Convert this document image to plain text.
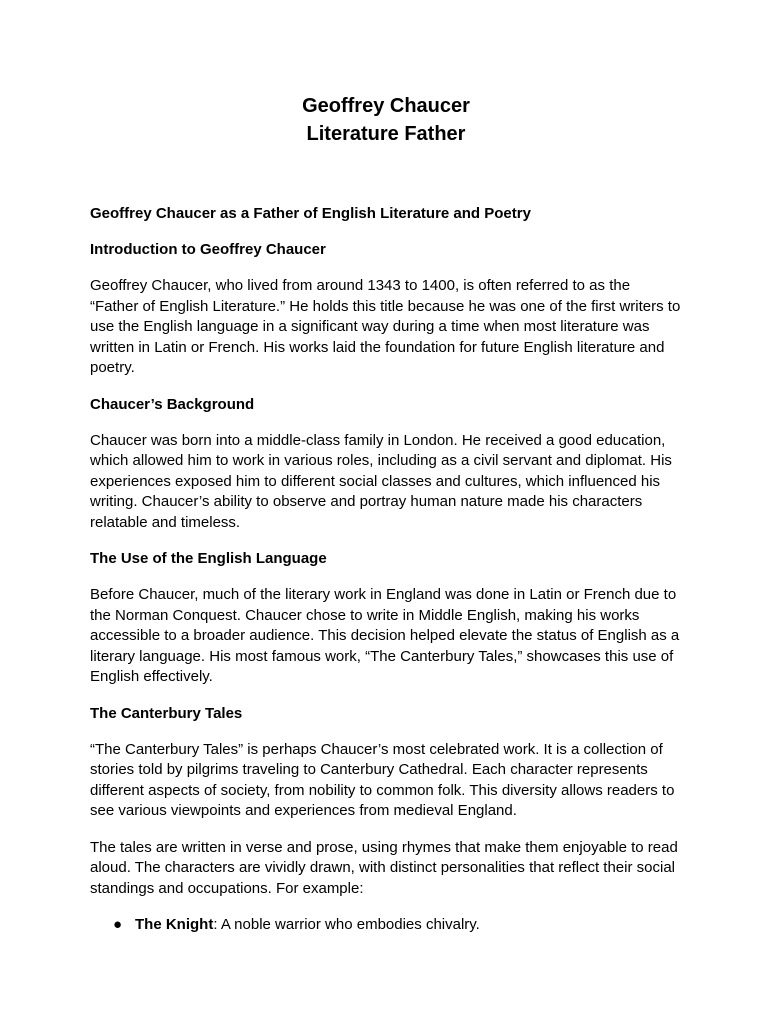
Geoffrey Chaucer
Literature Father
Geoffrey Chaucer as a Father of English Literature and Poetry
Introduction to Geoffrey Chaucer

Geoffrey Chaucer, who lived from around 1343 to 1400, is often referred to as the “Father of English Literature.” He holds this title because he was one of the first writers to use the English language in a significant way during a time when most literature was written in Latin or French. His works laid the foundation for future English literature and poetry.

Chaucer’s Background

Chaucer was born into a middle-class family in London. He received a good education, which allowed him to work in various roles, including as a civil servant and diplomat. His experiences exposed him to different social classes and cultures, which influenced his writing. Chaucer’s ability to observe and portray human nature made his characters relatable and timeless.

The Use of the English Language

Before Chaucer, much of the literary work in England was done in Latin or French due to the Norman Conquest. Chaucer chose to write in Middle English, making his works accessible to a broader audience. This decision helped elevate the status of English as a literary language. His most famous work, “The Canterbury Tales,” showcases this use of English effectively.

The Canterbury Tales

“The Canterbury Tales” is perhaps Chaucer’s most celebrated work. It is a collection of stories told by pilgrims traveling to Canterbury Cathedral. Each character represents different aspects of society, from nobility to common folk. This diversity allows readers to see various viewpoints and experiences from medieval England.

The tales are written in verse and prose, using rhymes that make them enjoyable to read aloud. The characters are vividly drawn, with distinct personalities that reflect their social standings and occupations. For example:

● The Knight: A noble warrior who embodies chivalry.
